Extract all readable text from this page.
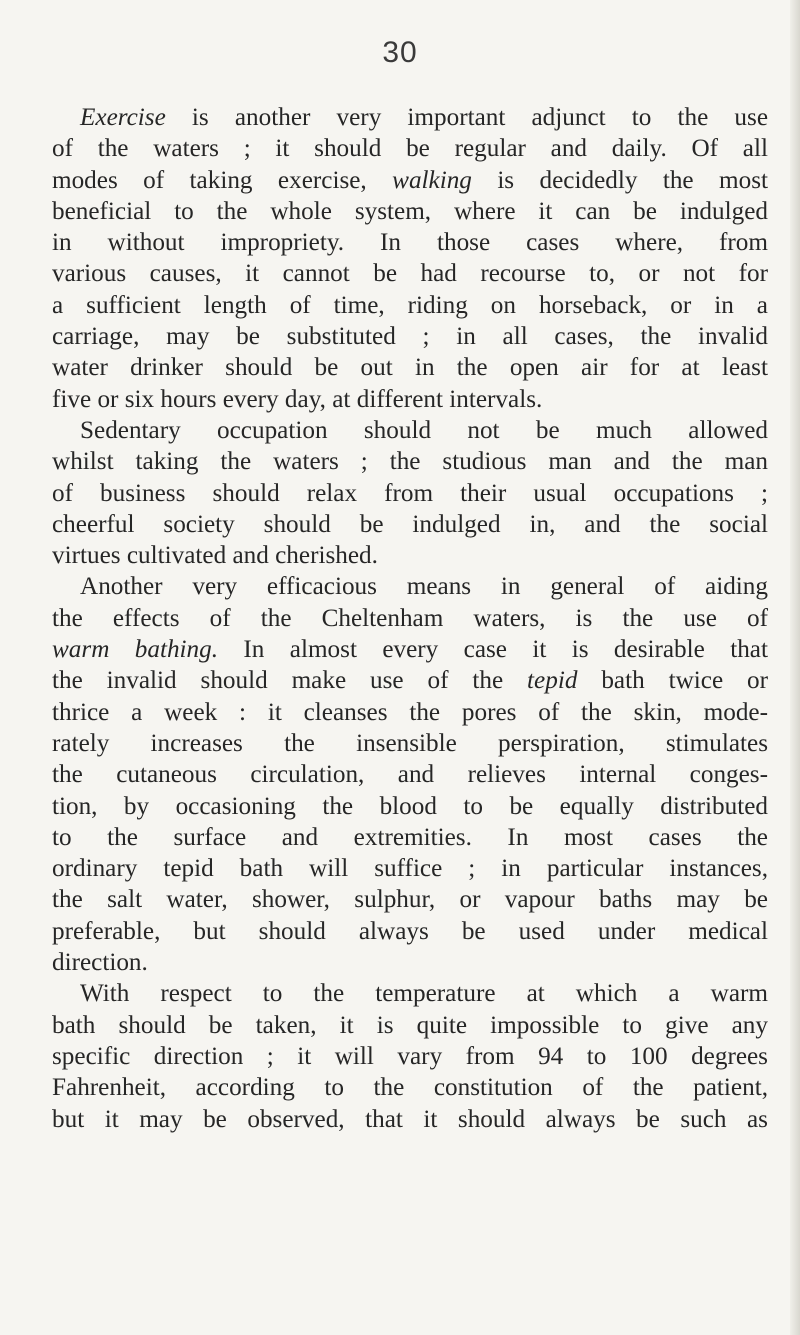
30
Exercise is another very important adjunct to the use
of the waters ; it should be regular and daily. Of all
modes of taking exercise, walking is decidedly the most
beneficial to the whole system, where it can be indulged
in without impropriety. In those cases where, from
various causes, it cannot be had recourse to, or not for
a sufficient length of time, riding on horseback, or in a
carriage, may be substituted ; in all cases, the invalid
water drinker should be out in the open air for at least
five or six hours every day, at different intervals.
Sedentary occupation should not be much allowed
whilst taking the waters ; the studious man and the man
of business should relax from their usual occupations ;
cheerful society should be indulged in, and the social
virtues cultivated and cherished.
Another very efficacious means in general of aiding
the effects of the Cheltenham waters, is the use of
warm bathing. In almost every case it is desirable that
the invalid should make use of the tepid bath twice or
thrice a week : it cleanses the pores of the skin, mode-
rately increases the insensible perspiration, stimulates
the cutaneous circulation, and relieves internal conges-
tion, by occasioning the blood to be equally distributed
to the surface and extremities. In most cases the
ordinary tepid bath will suffice ; in particular instances,
the salt water, shower, sulphur, or vapour baths may be
preferable, but should always be used under medical
direction.
With respect to the temperature at which a warm
bath should be taken, it is quite impossible to give any
specific direction ; it will vary from 94 to 100 degrees
Fahrenheit, according to the constitution of the patient,
but it may be observed, that it should always be such as
